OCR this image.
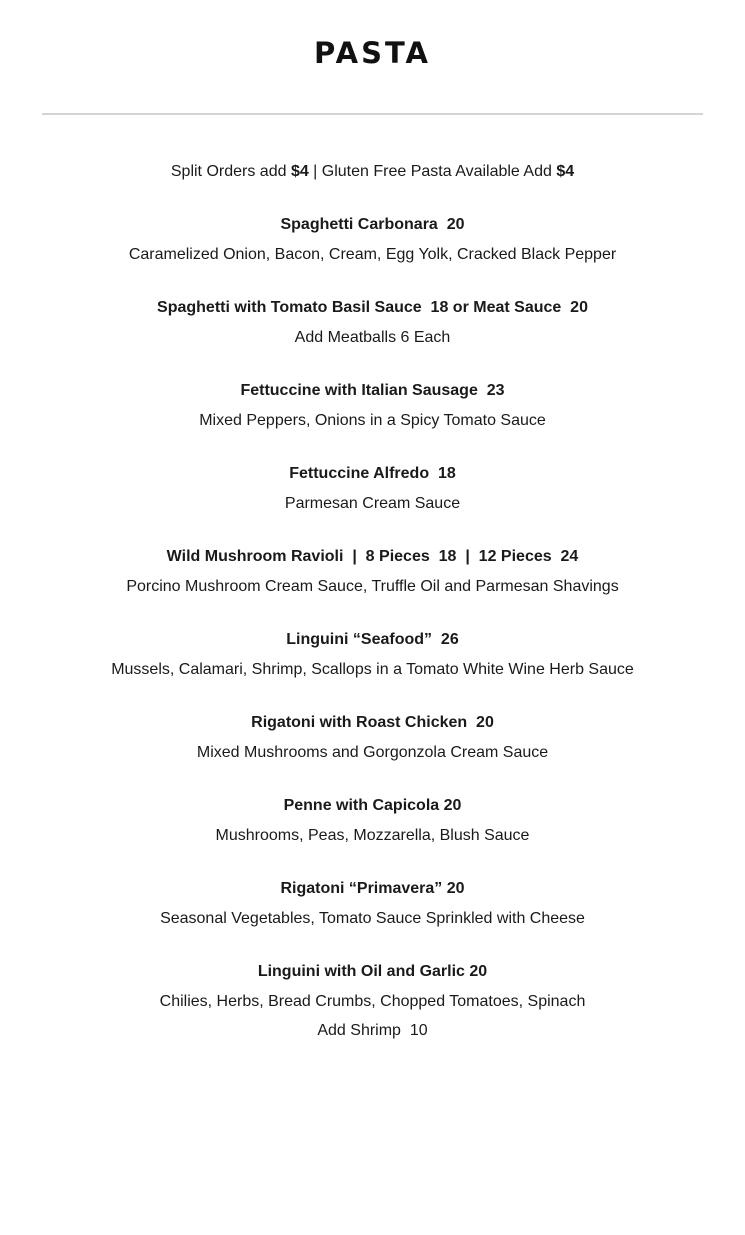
PASTA
Split Orders add $4 | Gluten Free Pasta Available Add $4
Spaghetti Carbonara  20
Caramelized Onion, Bacon, Cream, Egg Yolk, Cracked Black Pepper
Spaghetti with Tomato Basil Sauce  18 or Meat Sauce  20
Add Meatballs 6 Each
Fettuccine with Italian Sausage  23
Mixed Peppers, Onions in a Spicy Tomato Sauce
Fettuccine Alfredo  18
Parmesan Cream Sauce
Wild Mushroom Ravioli  |  8 Pieces  18  |  12 Pieces  24
Porcino Mushroom Cream Sauce, Truffle Oil and Parmesan Shavings
Linguini “Seafood”  26
Mussels, Calamari, Shrimp, Scallops in a Tomato White Wine Herb Sauce
Rigatoni with Roast Chicken  20
Mixed Mushrooms and Gorgonzola Cream Sauce
Penne with Capicola 20
Mushrooms, Peas, Mozzarella, Blush Sauce
Rigatoni “Primavera” 20
Seasonal Vegetables, Tomato Sauce Sprinkled with Cheese
Linguini with Oil and Garlic 20
Chilies, Herbs, Bread Crumbs, Chopped Tomatoes, Spinach
Add Shrimp  10
